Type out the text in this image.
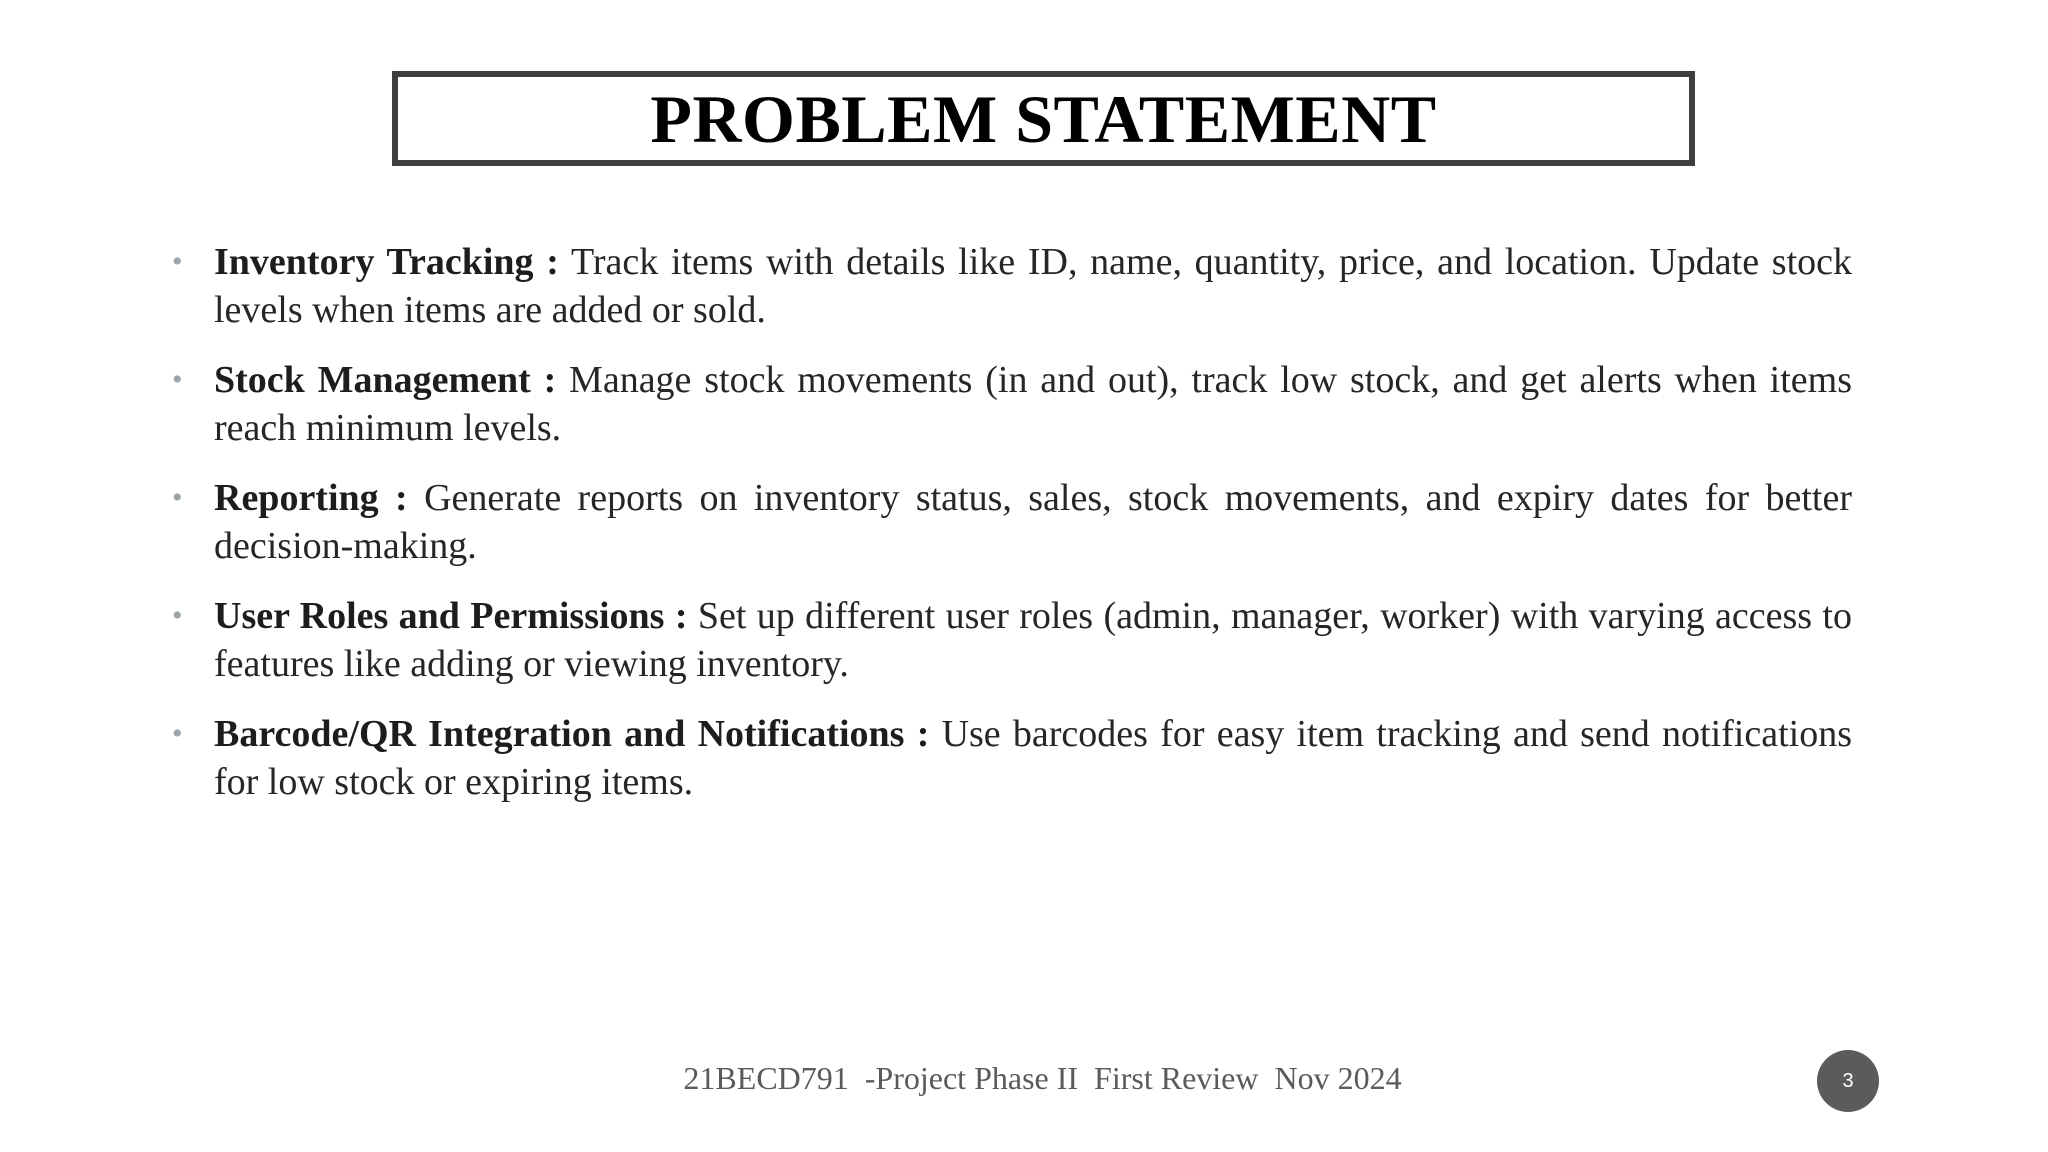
PROBLEM STATEMENT
• Inventory Tracking : Track items with details like ID, name, quantity, price, and location. Update stock levels when items are added or sold.
• Stock Management : Manage stock movements (in and out), track low stock, and get alerts when items reach minimum levels.
• Reporting : Generate reports on inventory status, sales, stock movements, and expiry dates for better decision-making.
• User Roles and Permissions : Set up different user roles (admin, manager, worker) with varying access to features like adding or viewing inventory.
• Barcode/QR Integration and Notifications : Use barcodes for easy item tracking and send notifications for low stock or expiring items.
21BECD791  -Project Phase II  First Review  Nov 2024	3
